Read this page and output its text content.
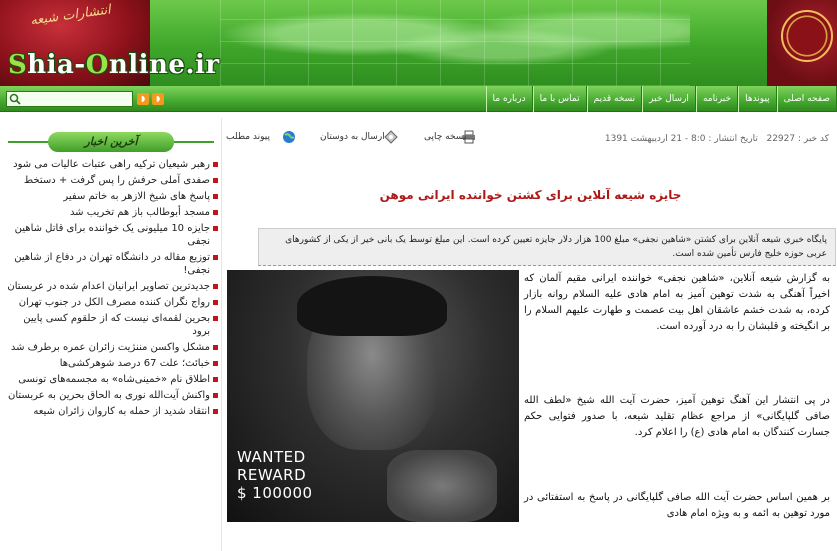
انتشارات شیعه
Shia-Online.ir
◗	◗	درباره ما	تماس با ما	نسخه قدیم	ارسال خبر	خبرنامه	پیوندها	صفحه اصلی
آخرین اخبار
رهبر شیعیان ترکیه راهی عتبات عالیات می شود
صفدی آملی حرفش را پس گرفت + دستخط
پاسخ های شیخ الازهر به خاتم سفیر
مسجد أبوطالب باز هم تخریب شد
جایزه 10 میلیونی یک خواننده برای قاتل شاهین نجفی
توزیع مقاله در دانشگاه تهران در دفاع از شاهین نجفی!
جدیدترین تصاویر ایرانیان اعدام شده در عربستان
رواج نگران کننده مصرف الکل در جنوب تهران
بحرین لقمه‌ای نیست که از حلقوم کسی پایین برود
مشکل واکسن مننژیت زائران عمره برطرف شد
خبائث؛ علت 67 درصد شوهرکشی‌ها
اطلاق نام «خمینی‌شاه» به مجسمه‌های تونسی
واکنش آیت‌الله نوری به الحاق بحرین به عربستان
انتقاد شدید از حمله به کاروان زائران شیعه
کد خبر : 22927   تاریخ انتشار : 8:0 - 21 اردیبهشت 1391
نسخه چاپی
ارسال به دوستان
پیوند مطلب
جایزه شیعه آنلاین برای کشتن خواننده ایرانی موهن
پایگاه خبری شیعه آنلاین برای کشتن «شاهین نجفی» مبلغ 100 هزار دلار جایزه تعیین کرده است. این مبلغ توسط یک بانی خیر از یکی از کشورهای عربی حوزه خلیج فارس تأمین شده است.
WANTED
REWARD
$ 100000
به گزارش شیعه آنلاین، «شاهین نجفی» خواننده ایرانی مقیم آلمان که اخیراً آهنگی به شدت توهین آمیز به امام هادی علیه السلام روانه بازار کرده، به شدت خشم عاشقان اهل بیت عصمت و طهارت علیهم السلام را بر انگیخته و قلبشان را به درد آورده است.
در پی انتشار این آهنگ توهین آمیز، حضرت آیت الله شیخ «لطف الله صافی گلپایگانی» از مراجع عظام تقلید شیعه، با صدور فتوایی حکم جسارت کنندگان به امام هادی (ع) را اعلام کرد.
بر همین اساس حضرت آیت الله صافی گلپایگانی در پاسخ به استفتائی در مورد توهین به ائمه و به ویژه امام هادی
